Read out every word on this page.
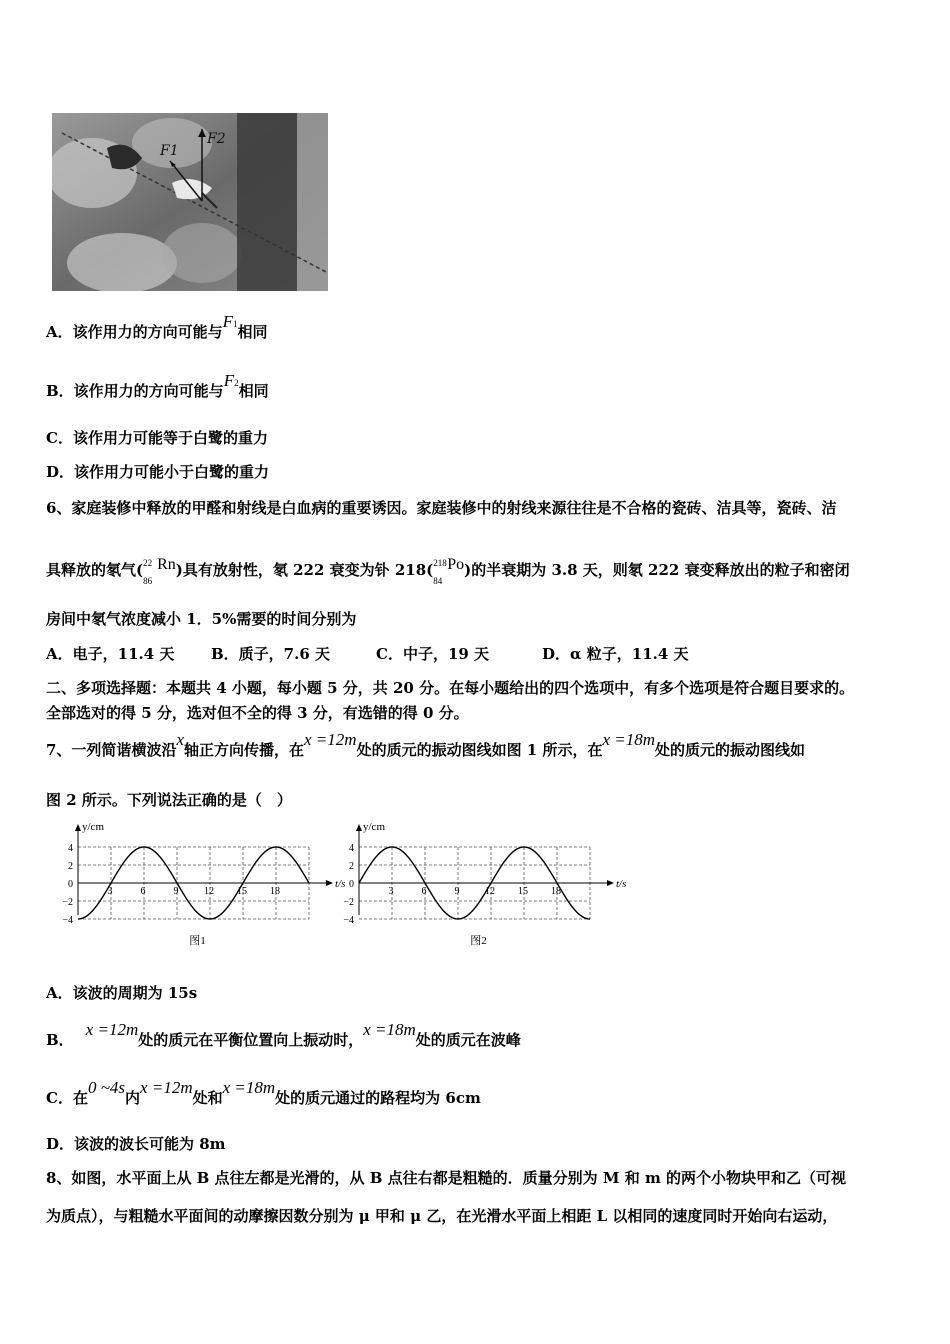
F1
F2
A．该作用力的方向可能与F1相同
B．该作用力的方向可能与F2相同
C．该作用力可能等于白鹭的重力
D．该作用力可能小于白鹭的重力
6、家庭装修中释放的甲醛和射线是白血病的重要诱因。家庭装修中的射线来源往往是不合格的瓷砖、洁具等，瓷砖、洁
具释放的氡气( 22
86
Rn)具有放射性，氡 222 衰变为钋 218( 218
84
Po)的半衰期为 3.8 天，则氡 222 衰变释放出的粒子和密闭
房间中氡气浓度减小 1．5%需要的时间分别为
A．电子，11.4 天 B．质子，7.6 天	C．中子，19 天	D．α 粒子，11.4 天
二、多项选择题：本题共 4 小题，每小题 5 分，共 20 分。在每小题给出的四个选项中，有多个选项是符合题目要求的。
全部选对的得 5 分，选对但不全的得 3 分，有选错的得 0 分。
7、一列简谐横波沿x轴正方向传播，在x =12m处的质元的振动图线如图 1 所示，在x =18m处的质元的振动图线如
图 2 所示。下列说法正确的是（　）
y/cm
t/s
4
2
0
−2
−4
3	6	9	12 15 18
图1
y/cm
t/s
4
2
0
−2
−4
3	6	9	12 15 18
图2
A．该波的周期为 15s
B．x =12m处的质元在平衡位置向上振动时，x =18m处的质元在波峰
C．在0 ~4s内x =12m处和x =18m处的质元通过的路程均为 6cm
D．该波的波长可能为 8m
8、如图，水平面上从 B 点往左都是光滑的，从 B 点往右都是粗糙的．质量分别为 M 和 m 的两个小物块甲和乙（可视
为质点），与粗糙水平面间的动摩擦因数分别为 μ 甲和 μ 乙，在光滑水平面上相距 L 以相同的速度同时开始向右运动，
